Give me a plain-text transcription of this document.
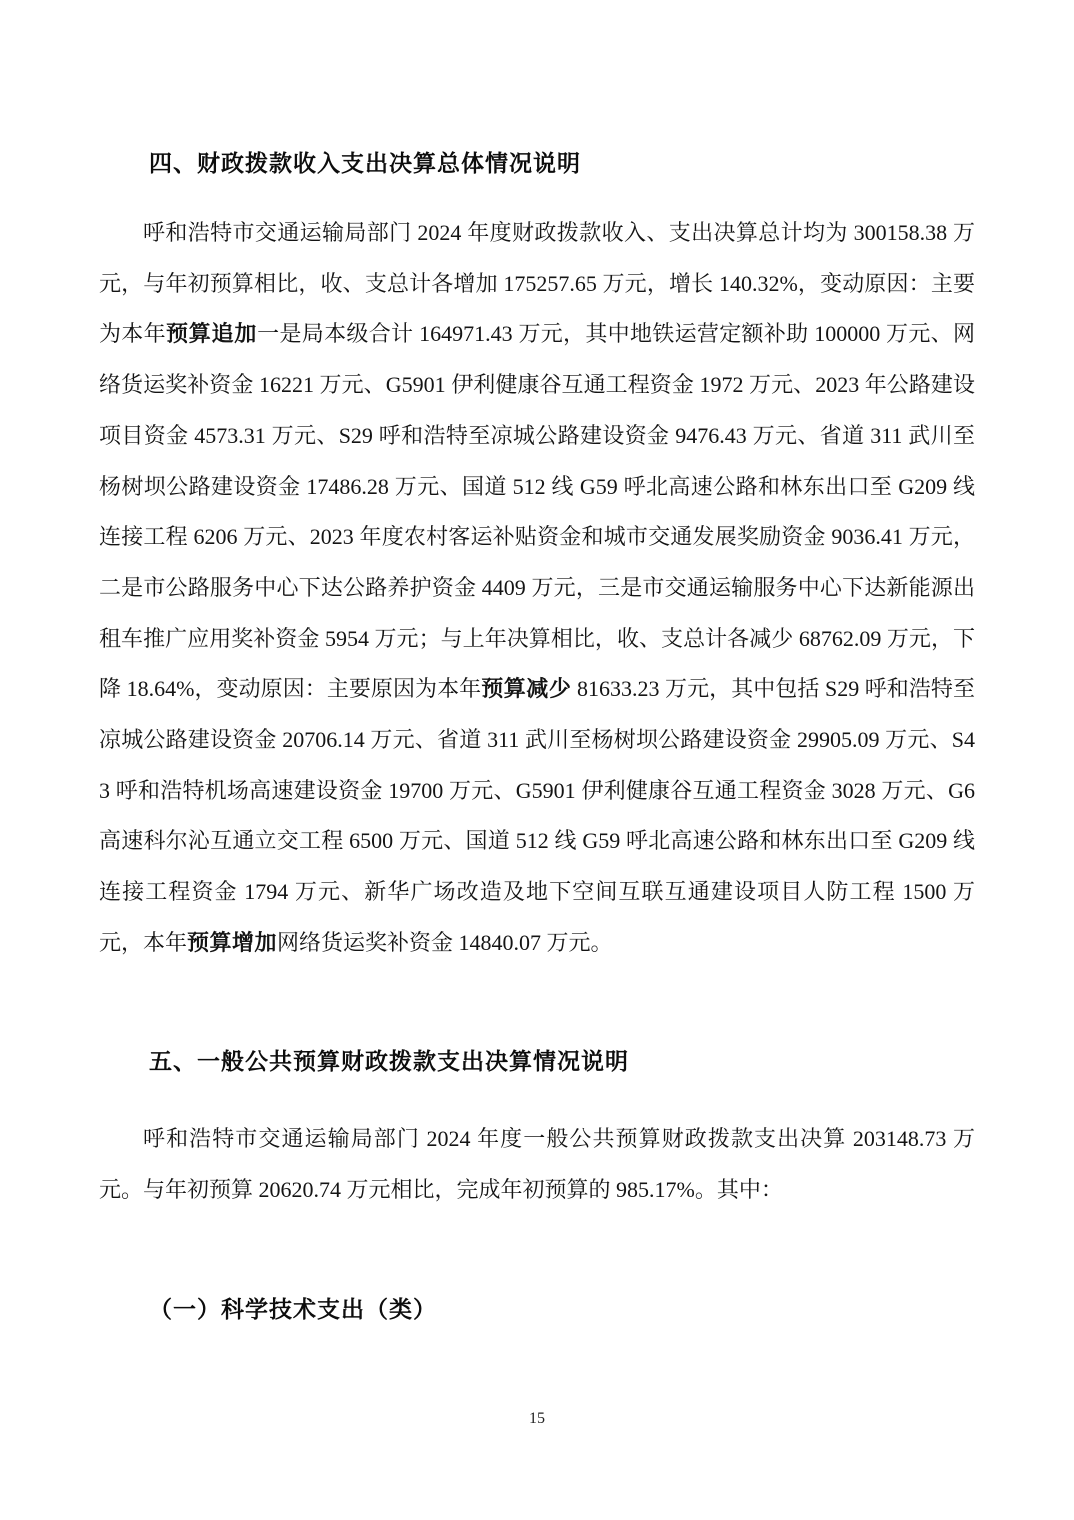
四、财政拨款收入支出决算总体情况说明

呼和浩特市交通运输局部门 2024 年度财政拨款收入、支出决算总计均为 300158.38 万元，与年初预算相比，收、支总计各增加 175257.65 万元，增长 140.32%，变动原因：主要为本年预算追加一是局本级合计 164971.43 万元，其中地铁运营定额补助 100000 万元、网络货运奖补资金 16221 万元、G5901 伊利健康谷互通工程资金 1972 万元、2023 年公路建设项目资金 4573.31 万元、S29 呼和浩特至凉城公路建设资金 9476.43 万元、省道 311 武川至杨树坝公路建设资金 17486.28 万元、国道 512 线 G59 呼北高速公路和林东出口至 G209 线连接工程 6206 万元、2023 年度农村客运补贴资金和城市交通发展奖励资金 9036.41 万元，二是市公路服务中心下达公路养护资金 4409 万元，三是市交通运输服务中心下达新能源出租车推广应用奖补资金 5954 万元；与上年决算相比，收、支总计各减少 68762.09 万元，下降 18.64%，变动原因：主要原因为本年预算减少 81633.23 万元，其中包括 S29 呼和浩特至凉城公路建设资金 20706.14 万元、省道 311 武川至杨树坝公路建设资金 29905.09 万元、S43 呼和浩特机场高速建设资金 19700 万元、G5901 伊利健康谷互通工程资金 3028 万元、G6 高速科尔沁互通立交工程 6500 万元、国道 512 线 G59 呼北高速公路和林东出口至 G209 线连接工程资金 1794 万元、新华广场改造及地下空间互联互通建设项目人防工程 1500 万元，本年预算增加网络货运奖补资金 14840.07 万元。

五、一般公共预算财政拨款支出决算情况说明

呼和浩特市交通运输局部门 2024 年度一般公共预算财政拨款支出决算 203148.73 万元。与年初预算 20620.74 万元相比，完成年初预算的 985.17%。其中：

（一）科学技术支出（类）
15
